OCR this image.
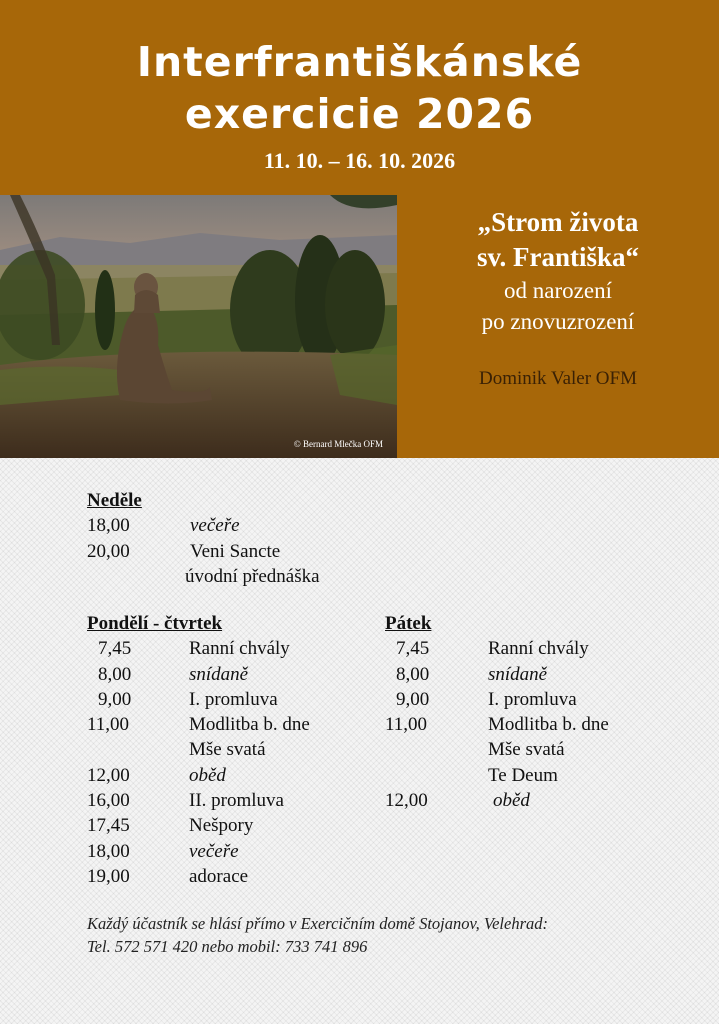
Interfrantiškánské
exercicie 2026
11. 10. – 16. 10. 2026
© Bernard Mlečka OFM
„Strom života
sv. Františka“
od narození
po znovuzrození
Dominik Valer OFM
Neděle
18,00	večeře
20,00	Veni Sancte
úvodní přednáška
Pondělí - čtvrtek
7,45	Ranní chvály
8,00	snídaně
9,00	I. promluva
11,00	Modlitba b. dne
Mše svatá
12,00	oběd
16,00	II. promluva
17,45	Nešpory
18,00	večeře
19,00	adorace
Pátek
7,45	Ranní chvály
8,00	snídaně
9,00	I. promluva
11,00	Modlitba b. dne
Mše svatá
Te Deum
12,00	oběd
Každý účastník se hlásí přímo v Exercičním domě Stojanov, Velehrad:
Tel. 572 571 420 nebo mobil: 733 741 896
